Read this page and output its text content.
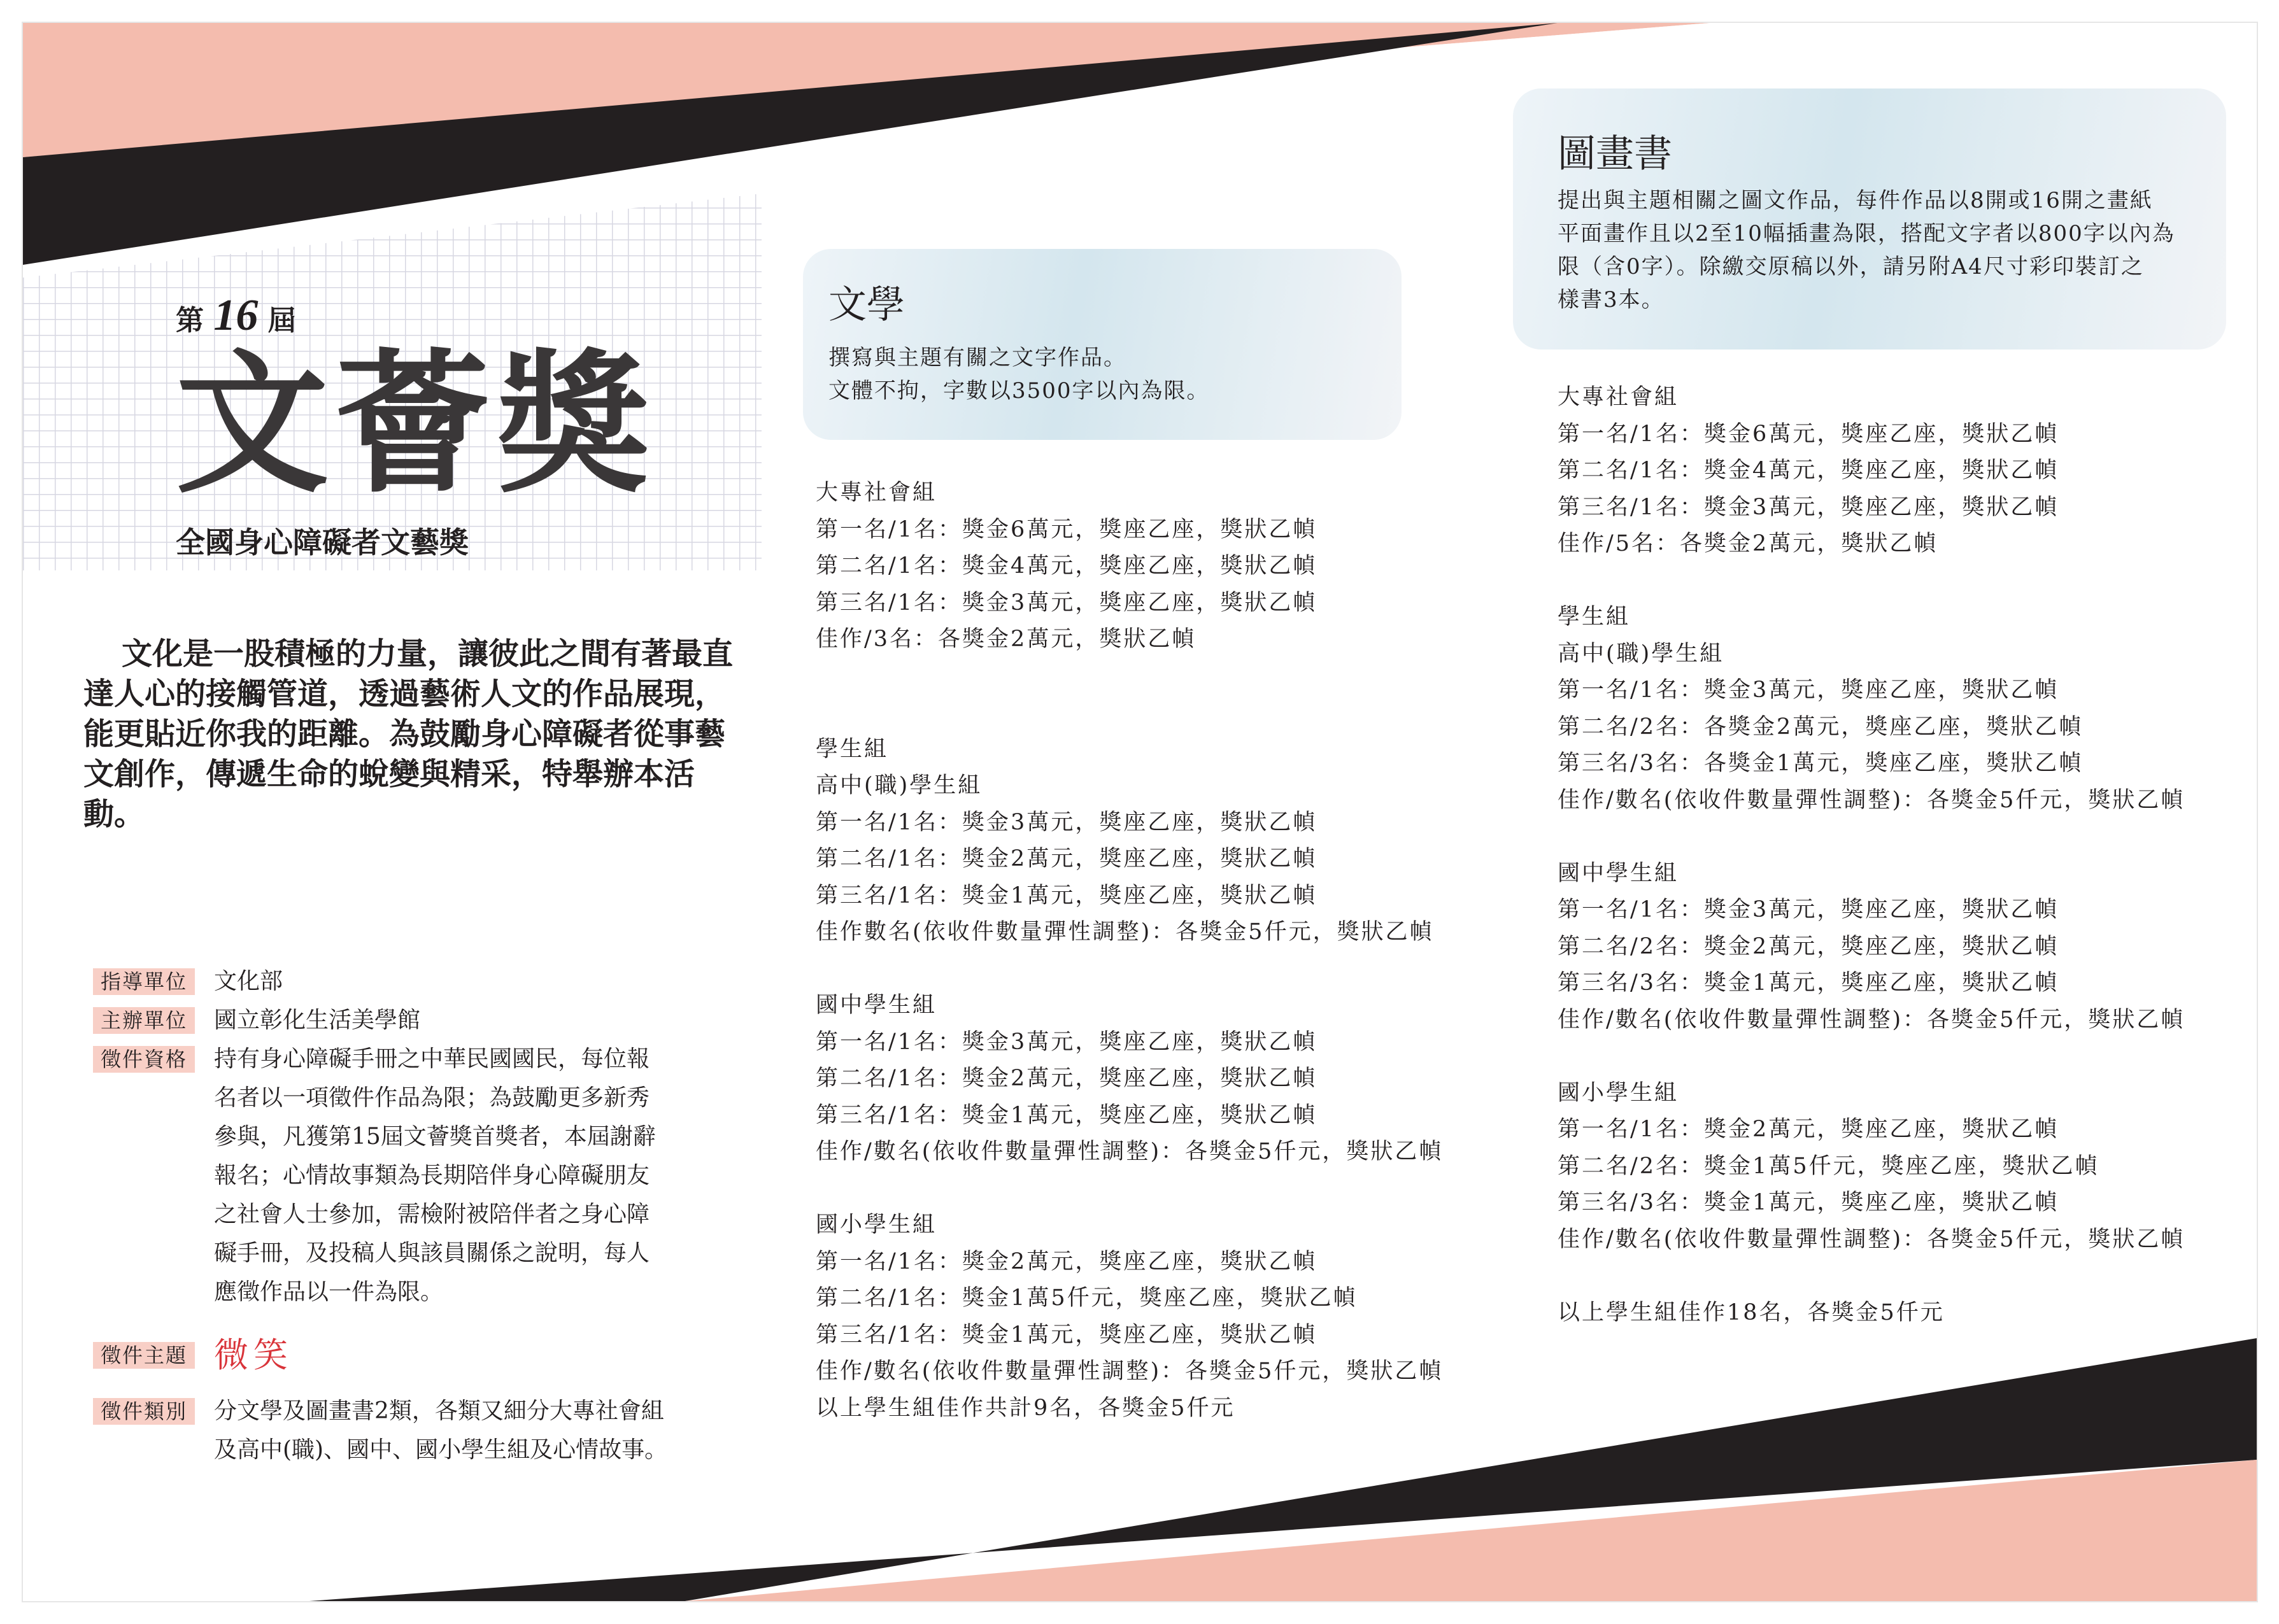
第 16 屆
文薈獎
全國身心障礙者文藝獎
文化是一股積極的力量，讓彼此之間有著最直達人心的接觸管道，透過藝術人文的作品展現，能更貼近你我的距離。為鼓勵身心障礙者從事藝文創作，傳遞生命的蛻變與精采，特舉辦本活動。
指導單位	文化部
主辦單位	國立彰化生活美學館
徵件資格	持有身心障礙手冊之中華民國國民，每位報
名者以一項徵件作品為限；為鼓勵更多新秀
參與，凡獲第15屆文薈獎首獎者，本屆謝辭
報名；心情故事類為長期陪伴身心障礙朋友
之社會人士參加，需檢附被陪伴者之身心障
礙手冊，及投稿人與該員關係之說明，每人
應徵作品以一件為限。
徵件主題 微笑
徵件類別	分文學及圖畫書2類，各類又細分大專社會組
及高中(職)、國中、國小學生組及心情故事。
文學
撰寫與主題有關之文字作品。
文體不拘，字數以3500字以內為限。
大專社會組
第一名/1名：獎金6萬元，獎座乙座，獎狀乙幀
第二名/1名：獎金4萬元，獎座乙座，獎狀乙幀
第三名/1名：獎金3萬元，獎座乙座，獎狀乙幀
佳作/3名：各獎金2萬元，獎狀乙幀
學生組
高中(職)學生組
第一名/1名：獎金3萬元，獎座乙座，獎狀乙幀
第二名/1名：獎金2萬元，獎座乙座，獎狀乙幀
第三名/1名：獎金1萬元，獎座乙座，獎狀乙幀
佳作數名(依收件數量彈性調整)：各獎金5仟元，獎狀乙幀
國中學生組
第一名/1名：獎金3萬元，獎座乙座，獎狀乙幀
第二名/1名：獎金2萬元，獎座乙座，獎狀乙幀
第三名/1名：獎金1萬元，獎座乙座，獎狀乙幀
佳作/數名(依收件數量彈性調整)：各獎金5仟元，獎狀乙幀
國小學生組
第一名/1名：獎金2萬元，獎座乙座，獎狀乙幀
第二名/1名：獎金1萬5仟元，獎座乙座，獎狀乙幀
第三名/1名：獎金1萬元，獎座乙座，獎狀乙幀
佳作/數名(依收件數量彈性調整)：各獎金5仟元，獎狀乙幀
以上學生組佳作共計9名，各獎金5仟元
圖畫書
提出與主題相關之圖文作品，每件作品以8開或16開之畫紙
平面畫作且以2至10幅插畫為限，搭配文字者以800字以內為
限（含0字）。除繳交原稿以外，請另附A4尺寸彩印裝訂之
樣書3本。
大專社會組
第一名/1名：獎金6萬元，獎座乙座，獎狀乙幀
第二名/1名：獎金4萬元，獎座乙座，獎狀乙幀
第三名/1名：獎金3萬元，獎座乙座，獎狀乙幀
佳作/5名：各獎金2萬元，獎狀乙幀
學生組
高中(職)學生組
第一名/1名：獎金3萬元，獎座乙座，獎狀乙幀
第二名/2名：各獎金2萬元，獎座乙座，獎狀乙幀
第三名/3名：各獎金1萬元，獎座乙座，獎狀乙幀
佳作/數名(依收件數量彈性調整)：各獎金5仟元，獎狀乙幀
國中學生組
第一名/1名：獎金3萬元，獎座乙座，獎狀乙幀
第二名/2名：獎金2萬元，獎座乙座，獎狀乙幀
第三名/3名：獎金1萬元，獎座乙座，獎狀乙幀
佳作/數名(依收件數量彈性調整)：各獎金5仟元，獎狀乙幀
國小學生組
第一名/1名：獎金2萬元，獎座乙座，獎狀乙幀
第二名/2名：獎金1萬5仟元，獎座乙座，獎狀乙幀
第三名/3名：獎金1萬元，獎座乙座，獎狀乙幀
佳作/數名(依收件數量彈性調整)：各獎金5仟元，獎狀乙幀
以上學生組佳作18名，各獎金5仟元
